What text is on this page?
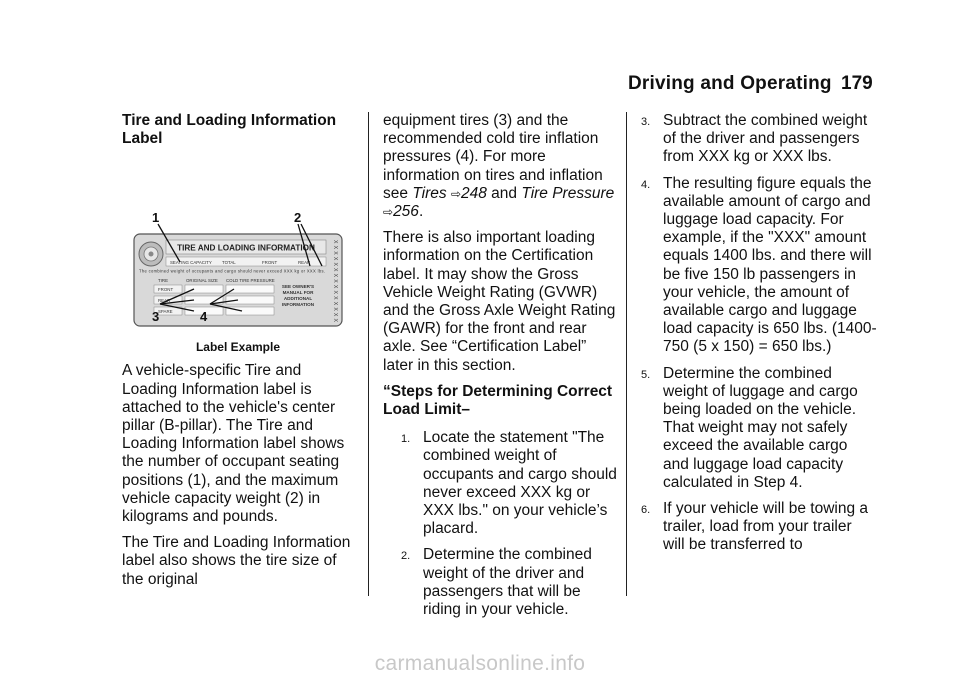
Driving and Operating 179
Tire and Loading Information Label
TIRE AND LOADING INFORMATION
SEATING CAPACITY TOTAL	FRONT	REAR
The combined weight of occupants and cargo should never exceed XXX kg or XXX lbs.
TIRE	ORIGINAL SIZE COLD TIRE PRESSURE
FRONT
REAR
SPARE
SEE OWNER'S
MANUAL FOR
ADDITIONAL
INFORMATION
XXXXXXXXXXXXXXX
1	2
3	4
Label Example

A vehicle-specific Tire and Loading Information label is attached to the vehicle's center pillar (B-pillar). The Tire and Loading Information label shows the number of occupant seating positions (1), and the maximum vehicle capacity weight (2) in kilograms and pounds.

The Tire and Loading Information label also shows the tire size of the original

equipment tires (3) and the recommended cold tire inflation pressures (4). For more information on tires and inflation see Tires ⇨248 and Tire Pressure ⇨256.

There is also important loading information on the Certification label. It may show the Gross Vehicle Weight Rating (GVWR) and the Gross Axle Weight Rating (GAWR) for the front and rear axle. See “Certification Label” later in this section.

“Steps for Determining Correct Load Limit–

1. Locate the statement "The combined weight of occupants and cargo should never exceed XXX kg or XXX lbs." on your vehicle’s placard.
2. Determine the combined weight of the driver and passengers that will be riding in your vehicle.
3. Subtract the combined weight of the driver and passengers from XXX kg or XXX lbs.
4. The resulting figure equals the available amount of cargo and luggage load capacity. For example, if the "XXX" amount equals 1400 lbs. and there will be five 150 lb passengers in your vehicle, the amount of available cargo and luggage load capacity is 650 lbs. (1400-750 (5 x 150) = 650 lbs.)
5. Determine the combined weight of luggage and cargo being loaded on the vehicle. That weight may not safely exceed the available cargo and luggage load capacity calculated in Step 4.
6. If your vehicle will be towing a trailer, load from your trailer will be transferred to
carmanualsonline.info
